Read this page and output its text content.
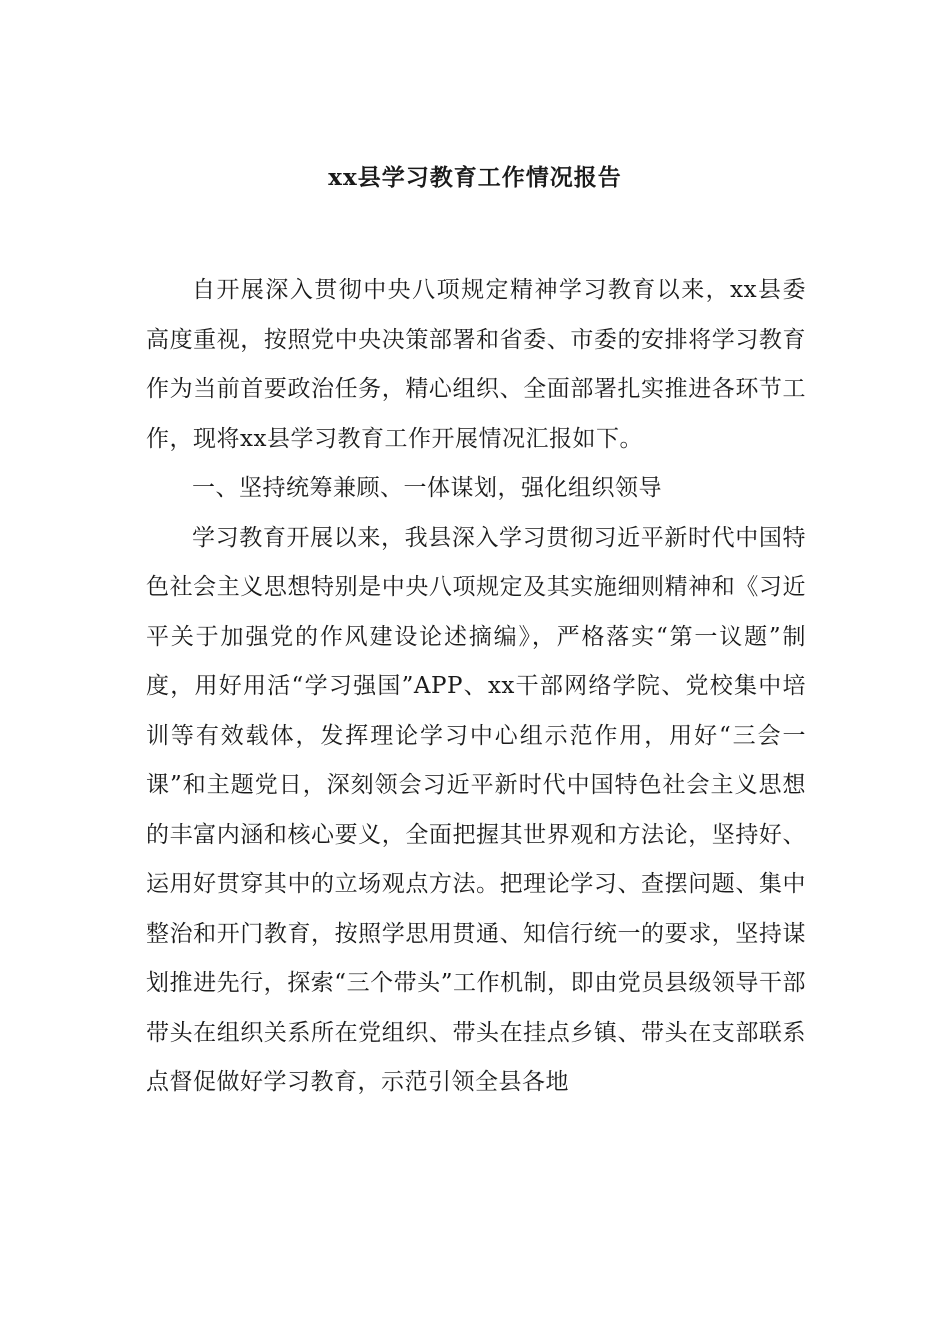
xx县学习教育工作情况报告

自开展深入贯彻中央八项规定精神学习教育以来，xx县委高度重视，按照党中央决策部署和省委、市委的安排将学习教育作为当前首要政治任务，精心组织、全面部署扎实推进各环节工作，现将xx县学习教育工作开展情况汇报如下。

一、坚持统筹兼顾、一体谋划，强化组织领导

学习教育开展以来，我县深入学习贯彻习近平新时代中国特色社会主义思想特别是中央八项规定及其实施细则精神和《习近平关于加强党的作风建设论述摘编》，严格落实“第一议题”制度，用好用活“学习强国”APP、xx干部网络学院、党校集中培训等有效载体，发挥理论学习中心组示范作用，用好“三会一课”和主题党日，深刻领会习近平新时代中国特色社会主义思想的丰富内涵和核心要义，全面把握其世界观和方法论，坚持好、运用好贯穿其中的立场观点方法。把理论学习、查摆问题、集中整治和开门教育，按照学思用贯通、知信行统一的要求，坚持谋划推进先行，探索“三个带头”工作机制，即由党员县级领导干部带头在组织关系所在党组织、带头在挂点乡镇、带头在支部联系点督促做好学习教育，示范引领全县各地
